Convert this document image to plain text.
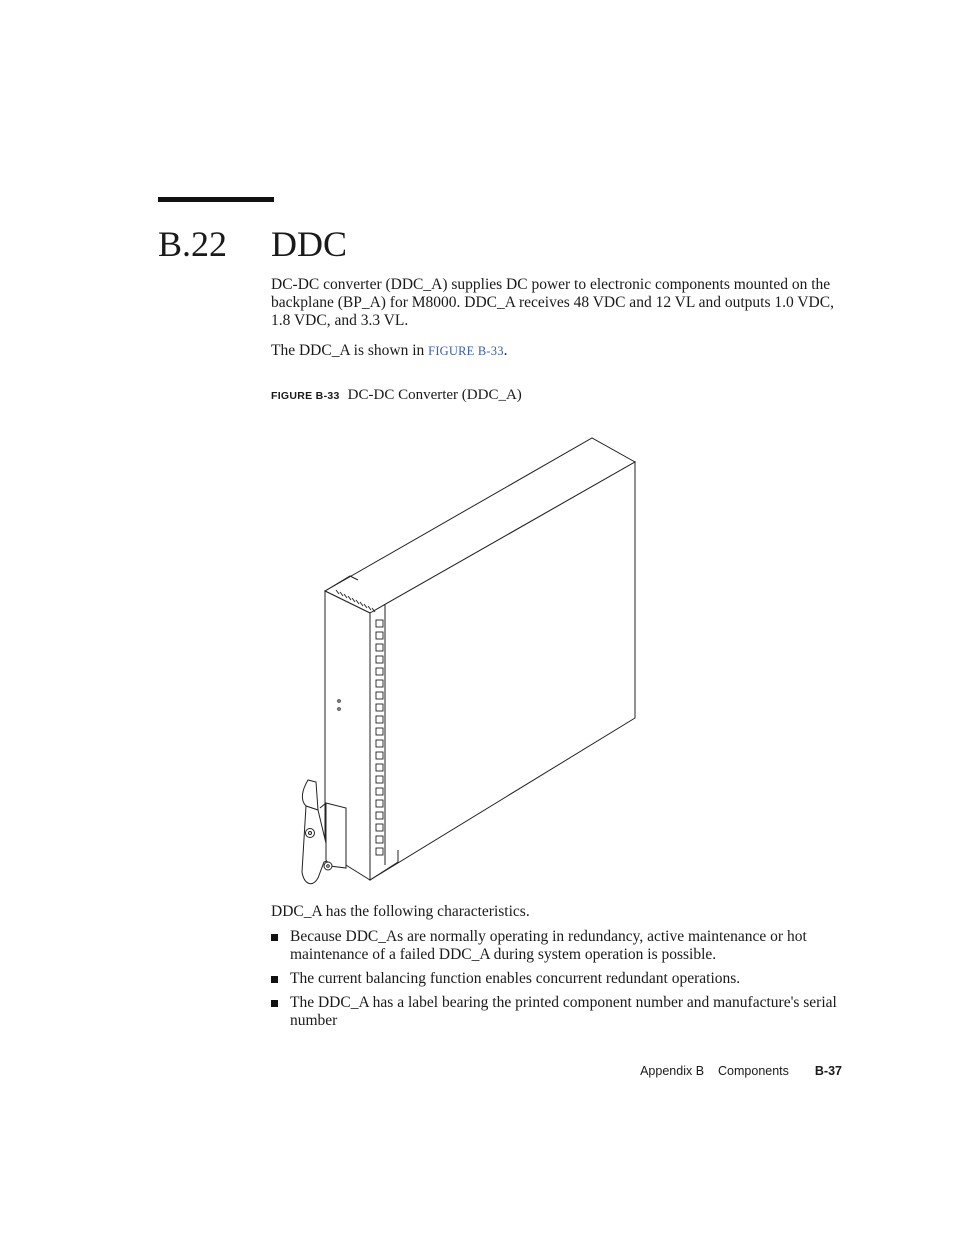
B.22 DDC

DC-DC converter (DDC_A) supplies DC power to electronic components mounted on the backplane (BP_A) for M8000. DDC_A receives 48 VDC and 12 VL and outputs 1.0 VDC, 1.8 VDC, and 3.3 VL.

The DDC_A is shown in FIGURE B-33.

FIGURE B-33 DC-DC Converter (DDC_A)

DDC_A has the following characteristics.

Because DDC_As are normally operating in redundancy, active maintenance or hot maintenance of a failed DDC_A during system operation is possible.
The current balancing function enables concurrent redundant operations.
The DDC_A has a label bearing the printed component number and manufacture's serial number
Appendix B Components B-37
